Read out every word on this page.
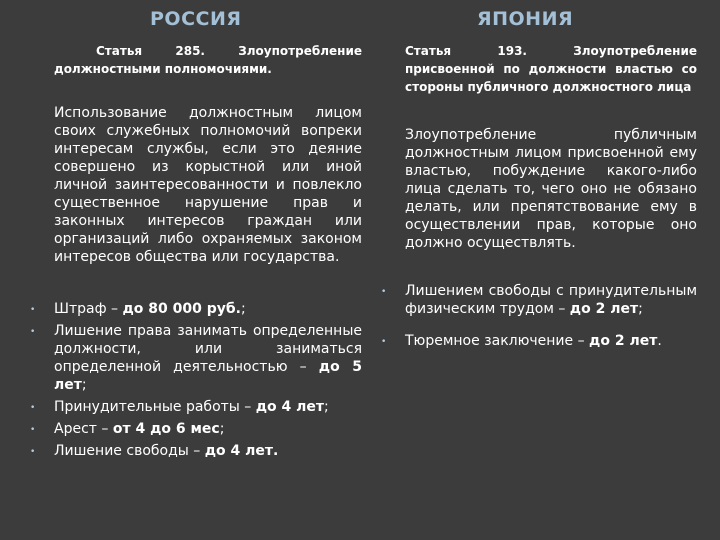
РОССИЯ	ЯПОНИЯ

Статья 285. Злоупотребление должностными полномочиями.

Использование должностным лицом своих служебных полномочий вопреки интересам службы, если это деяние совершено из корыстной или иной личной заинтересованности и повлекло существенное нарушение прав и законных интересов граждан или организаций либо охраняемых законом интересов общества или государства.

• Штраф – до 80 000 руб.;
• Лишение права занимать определенные должности, или заниматься определенной деятельностью – до 5 лет;
• Принудительные работы – до 4 лет;
• Арест – от 4 до 6 мес;
• Лишение свободы – до 4 лет.

Статья 193. Злоупотребление присвоенной по должности властью со стороны публичного должностного лица

Злоупотребление публичным должностным лицом присвоенной ему властью, побуждение какого-либо лица сделать то, чего оно не обязано делать, или препятствование ему в осуществлении прав, которые оно должно осуществлять.

• Лишением свободы с принудительным физическим трудом – до 2 лет;
• Тюремное заключение – до 2 лет.
